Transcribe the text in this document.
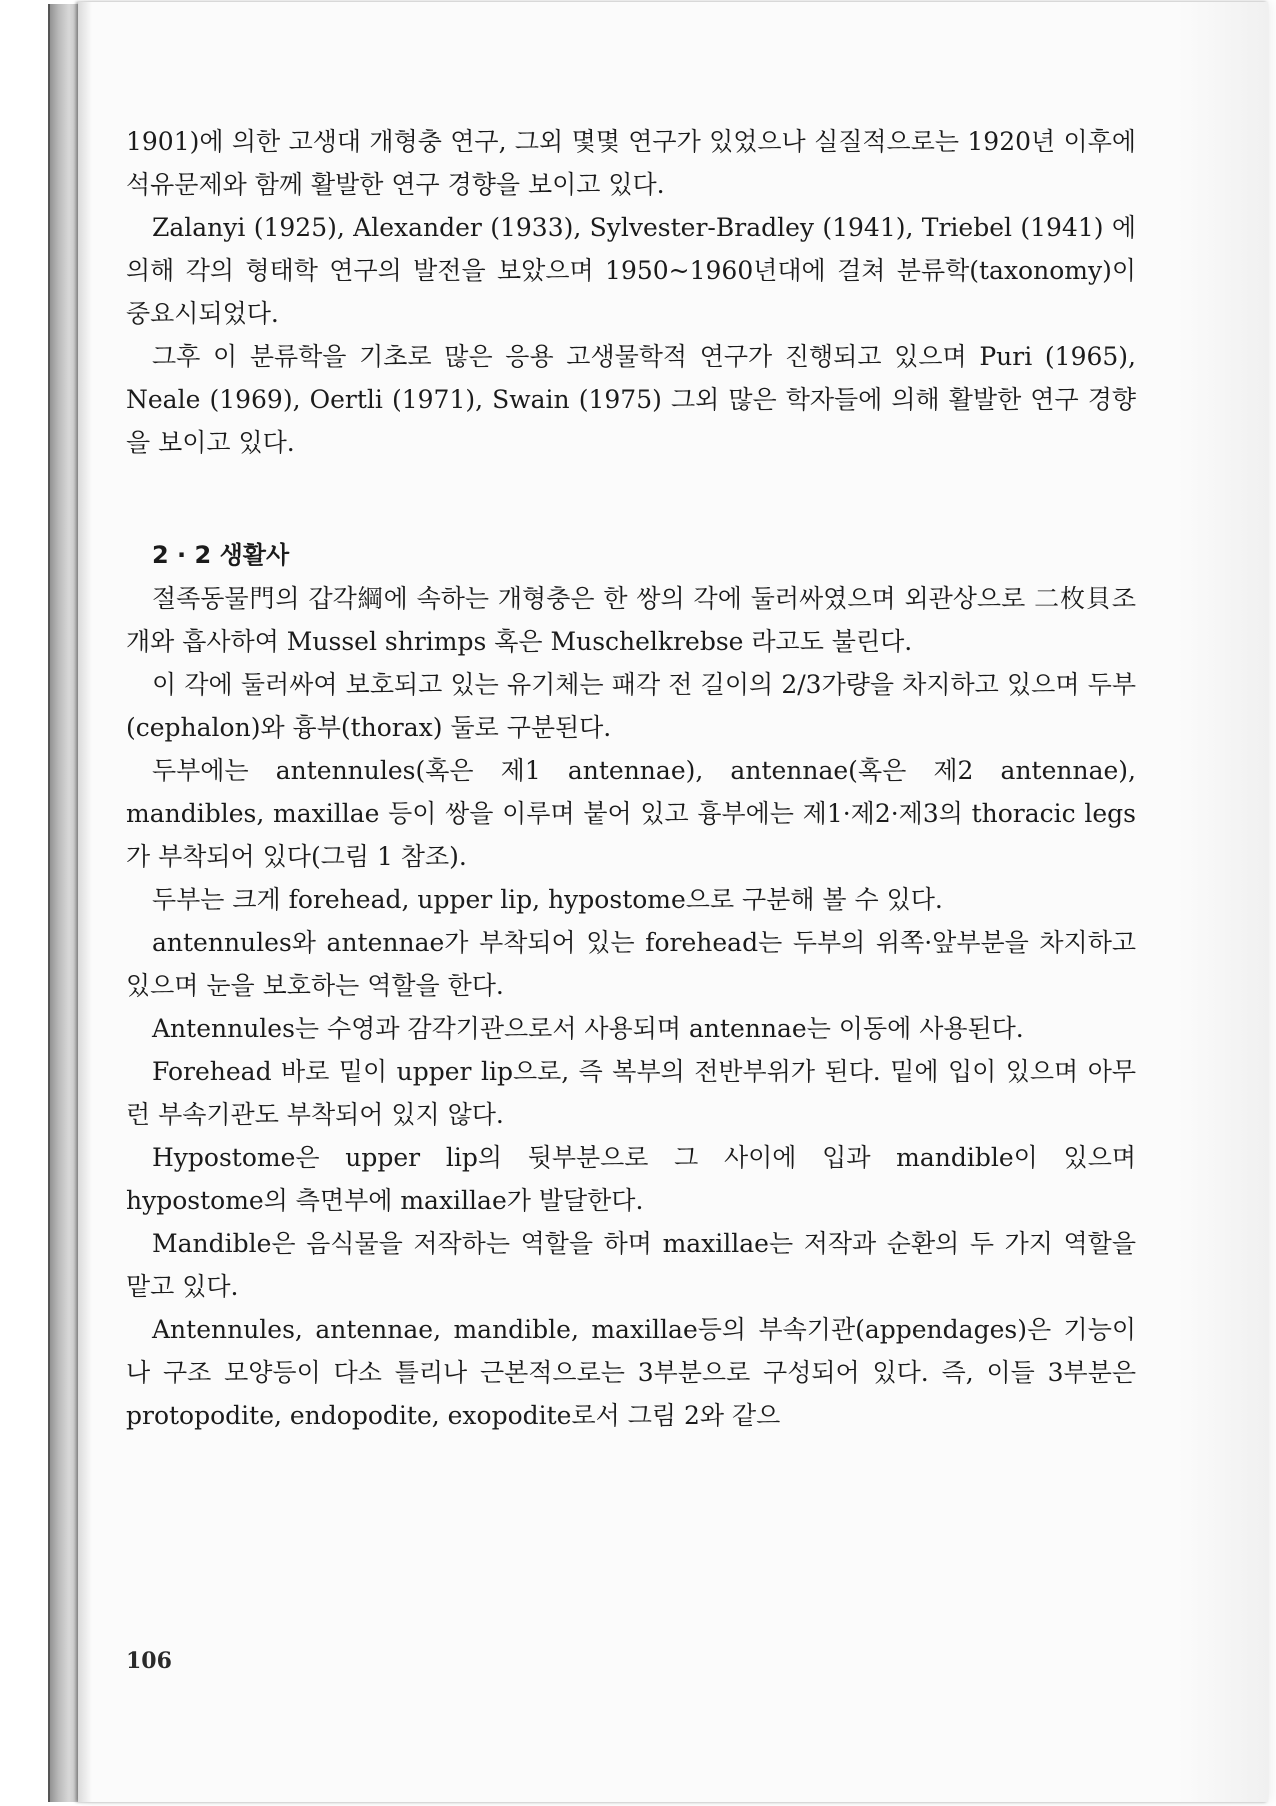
1901)에 의한 고생대 개형충 연구, 그외 몇몇 연구가 있었으나 실질적으로는 1920년 이후에 석유문제와 함께 활발한 연구 경향을 보이고 있다.

Zalanyi (1925), Alexander (1933), Sylvester-Bradley (1941), Triebel (1941) 에 의해 각의 형태학 연구의 발전을 보았으며 1950~1960년대에 걸쳐 분류학(taxonomy)이 중요시되었다.

그후 이 분류학을 기초로 많은 응용 고생물학적 연구가 진행되고 있으며 Puri (1965), Neale (1969), Oertli (1971), Swain (1975) 그외 많은 학자들에 의해 활발한 연구 경향을 보이고 있다.

2 · 2 생활사

절족동물門의 갑각綱에 속하는 개형충은 한 쌍의 각에 둘러싸였으며 외관상으로 二枚貝조개와 흡사하여 Mussel shrimps 혹은 Muschelkrebse 라고도 불린다.

이 각에 둘러싸여 보호되고 있는 유기체는 패각 전 길이의 2/3가량을 차지하고 있으며 두부(cephalon)와 흉부(thorax) 둘로 구분된다.

두부에는 antennules(혹은 제1 antennae), antennae(혹은 제2 antennae), mandibles, maxillae 등이 쌍을 이루며 붙어 있고 흉부에는 제1·제2·제3의 thoracic legs가 부착되어 있다(그림 1 참조).

두부는 크게 forehead, upper lip, hypostome으로 구분해 볼 수 있다.

antennules와 antennae가 부착되어 있는 forehead는 두부의 위쪽·앞부분을 차지하고 있으며 눈을 보호하는 역할을 한다.

Antennules는 수영과 감각기관으로서 사용되며 antennae는 이동에 사용된다.

Forehead 바로 밑이 upper lip으로, 즉 복부의 전반부위가 된다. 밑에 입이 있으며 아무런 부속기관도 부착되어 있지 않다.

Hypostome은 upper lip의 뒷부분으로 그 사이에 입과 mandible이 있으며 hypostome의 측면부에 maxillae가 발달한다.

Mandible은 음식물을 저작하는 역할을 하며 maxillae는 저작과 순환의 두 가지 역할을 맡고 있다.

Antennules, antennae, mandible, maxillae등의 부속기관(appendages)은 기능이나 구조 모양등이 다소 틀리나 근본적으로는 3부분으로 구성되어 있다. 즉, 이들 3부분은 protopodite, endopodite, exopodite로서 그림 2와 같으

106
